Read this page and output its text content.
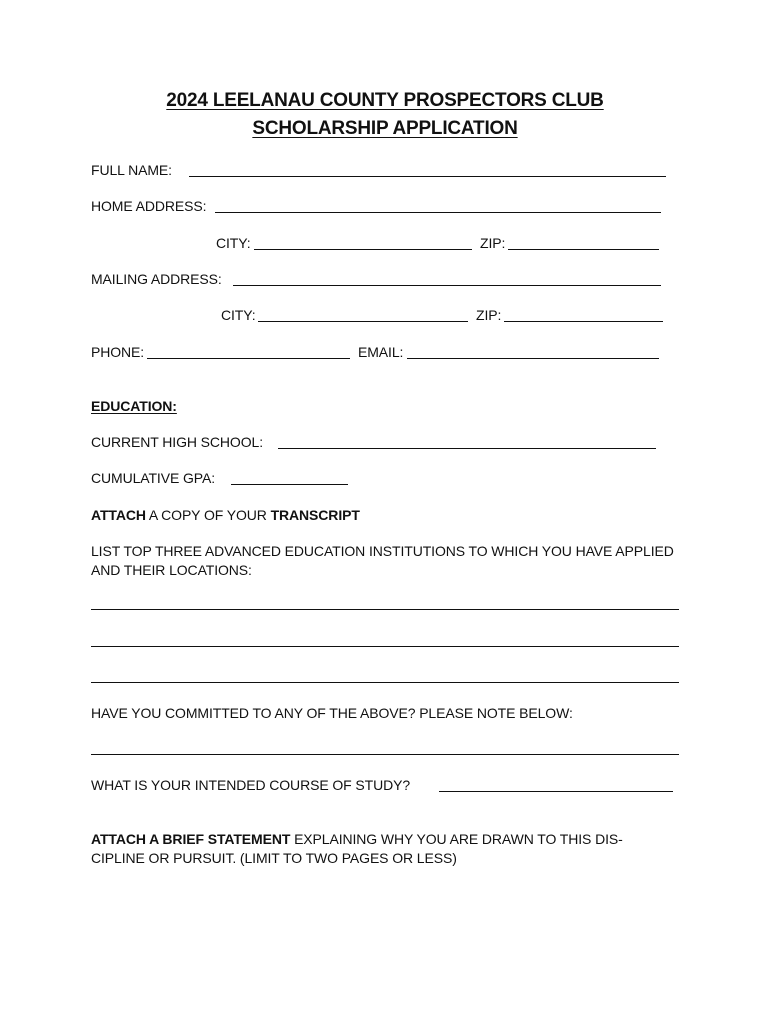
2024 LEELANAU COUNTY PROSPECTORS CLUB
SCHOLARSHIP APPLICATION
FULL NAME:
HOME ADDRESS:
CITY:	ZIP:
MAILING ADDRESS:
CITY:	ZIP:
PHONE:	EMAIL:
EDUCATION:
CURRENT HIGH SCHOOL:
CUMULATIVE GPA:
ATTACH A COPY OF YOUR TRANSCRIPT
LIST TOP THREE ADVANCED EDUCATION INSTITUTIONS TO WHICH YOU HAVE APPLIED AND THEIR LOCATIONS:
HAVE YOU COMMITTED TO ANY OF THE ABOVE? PLEASE NOTE BELOW:
WHAT IS YOUR INTENDED COURSE OF STUDY?
ATTACH A BRIEF STATEMENT EXPLAINING WHY YOU ARE DRAWN TO THIS DIS-CIPLINE OR PURSUIT. (LIMIT TO TWO PAGES OR LESS)
